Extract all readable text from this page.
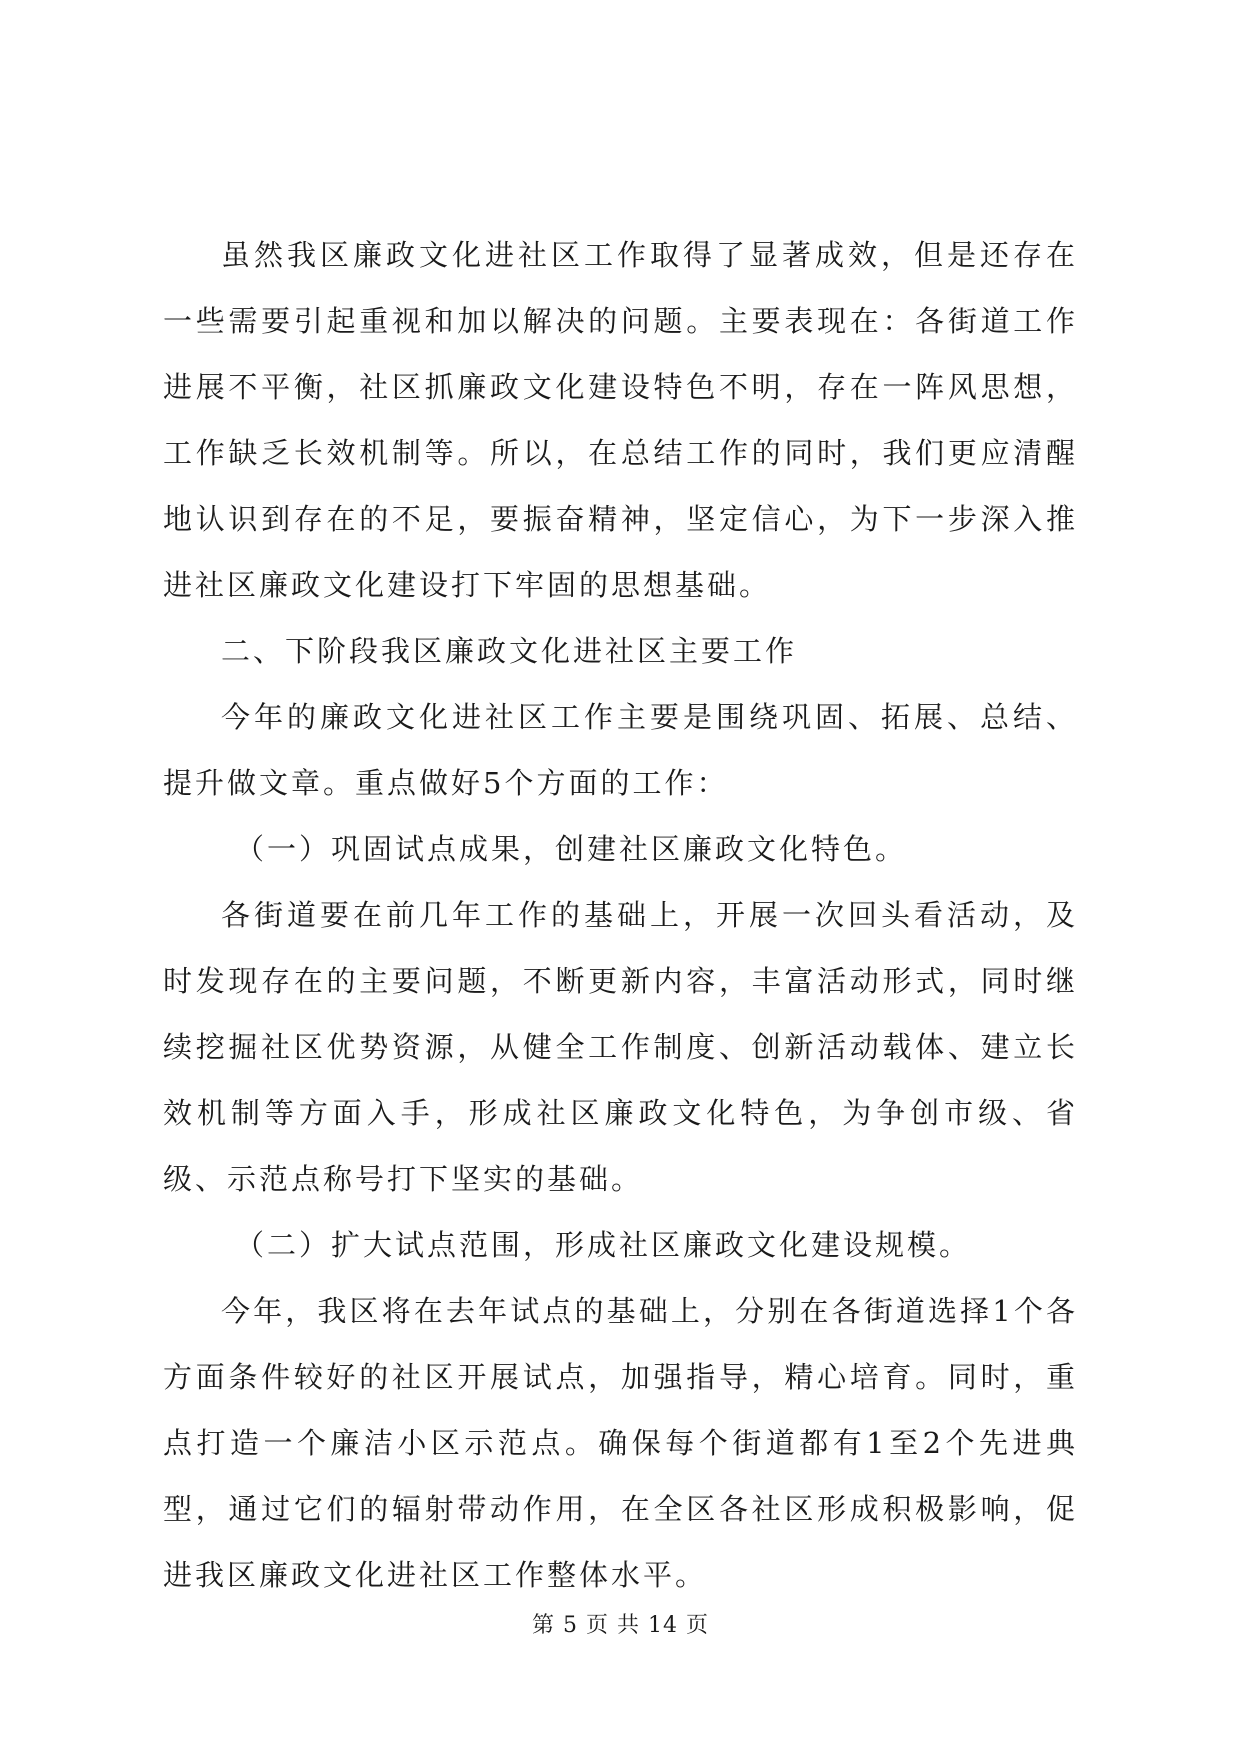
虽然我区廉政文化进社区工作取得了显著成效，但是还存在一些需要引起重视和加以解决的问题。主要表现在：各街道工作进展不平衡，社区抓廉政文化建设特色不明，存在一阵风思想，工作缺乏长效机制等。所以，在总结工作的同时，我们更应清醒地认识到存在的不足，要振奋精神，坚定信心，为下一步深入推进社区廉政文化建设打下牢固的思想基础。

二、下阶段我区廉政文化进社区主要工作

今年的廉政文化进社区工作主要是围绕巩固、拓展、总结、提升做文章。重点做好5个方面的工作：

（一）巩固试点成果，创建社区廉政文化特色。

各街道要在前几年工作的基础上，开展一次回头看活动，及时发现存在的主要问题，不断更新内容，丰富活动形式，同时继续挖掘社区优势资源，从健全工作制度、创新活动载体、建立长效机制等方面入手，形成社区廉政文化特色，为争创市级、省级、示范点称号打下坚实的基础。

（二）扩大试点范围，形成社区廉政文化建设规模。

今年，我区将在去年试点的基础上，分别在各街道选择1个各方面条件较好的社区开展试点，加强指导，精心培育。同时，重点打造一个廉洁小区示范点。确保每个街道都有1至2个先进典型，通过它们的辐射带动作用，在全区各社区形成积极影响，促进我区廉政文化进社区工作整体水平。

第 5 页 共 14 页
